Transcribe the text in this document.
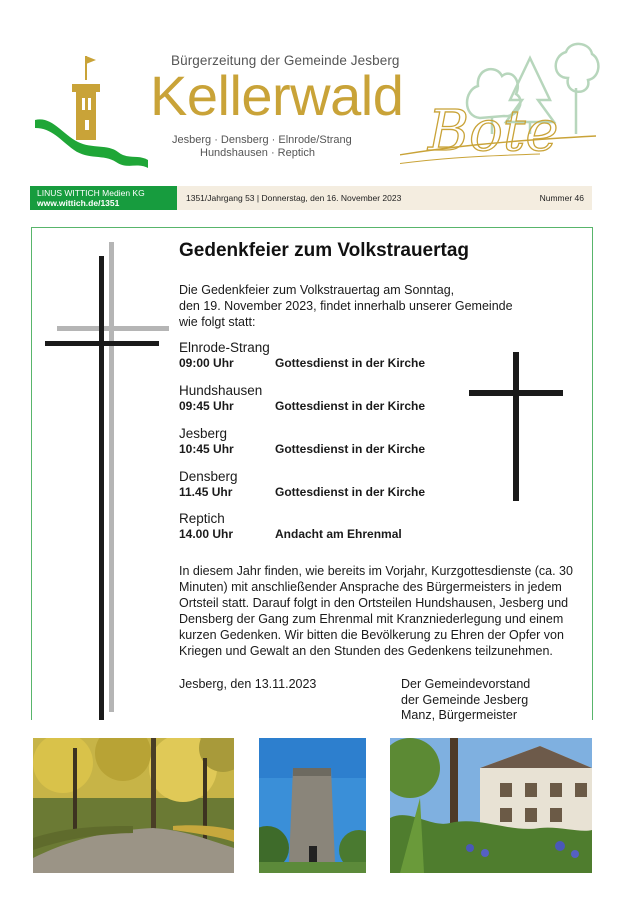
Bürgerzeitung der Gemeinde Jesberg
Kellerwald
Bote
Jesberg · Densberg · Elnrode/Strang
Hundshausen · Reptich
LINUS WITTICH Medien KG
www.wittich.de/1351	1351/Jahrgang 53 | Donnerstag, den 16. November 2023	Nummer 46
Gedenkfeier zum Volkstrauertag
Die Gedenkfeier zum Volkstrauertag am Sonntag,
den 19. November 2023, findet innerhalb unserer Gemeinde
wie folgt statt:
Elnrode-Strang
09:00 Uhr	Gottesdienst in der Kirche
Hundshausen
09:45 Uhr	Gottesdienst in der Kirche
Jesberg
10:45 Uhr	Gottesdienst in der Kirche
Densberg
11.45 Uhr	Gottesdienst in der Kirche
Reptich
14.00 Uhr	Andacht am Ehrenmal
In diesem Jahr finden, wie bereits im Vorjahr, Kurzgottesdienste (ca. 30
Minuten) mit anschließender Ansprache des Bürgermeisters in jedem
Ortsteil statt. Darauf folgt in den Ortsteilen Hundshausen, Jesberg und
Densberg der Gang zum Ehrenmal mit Kranzniederlegung und einem
kurzen Gedenken. Wir bitten die Bevölkerung zu Ehren der Opfer von
Kriegen und Gewalt an den Stunden des Gedenkens teilzunehmen.
Jesberg, den 13.11.2023	Der Gemeindevorstand
der Gemeinde Jesberg
Manz, Bürgermeister
